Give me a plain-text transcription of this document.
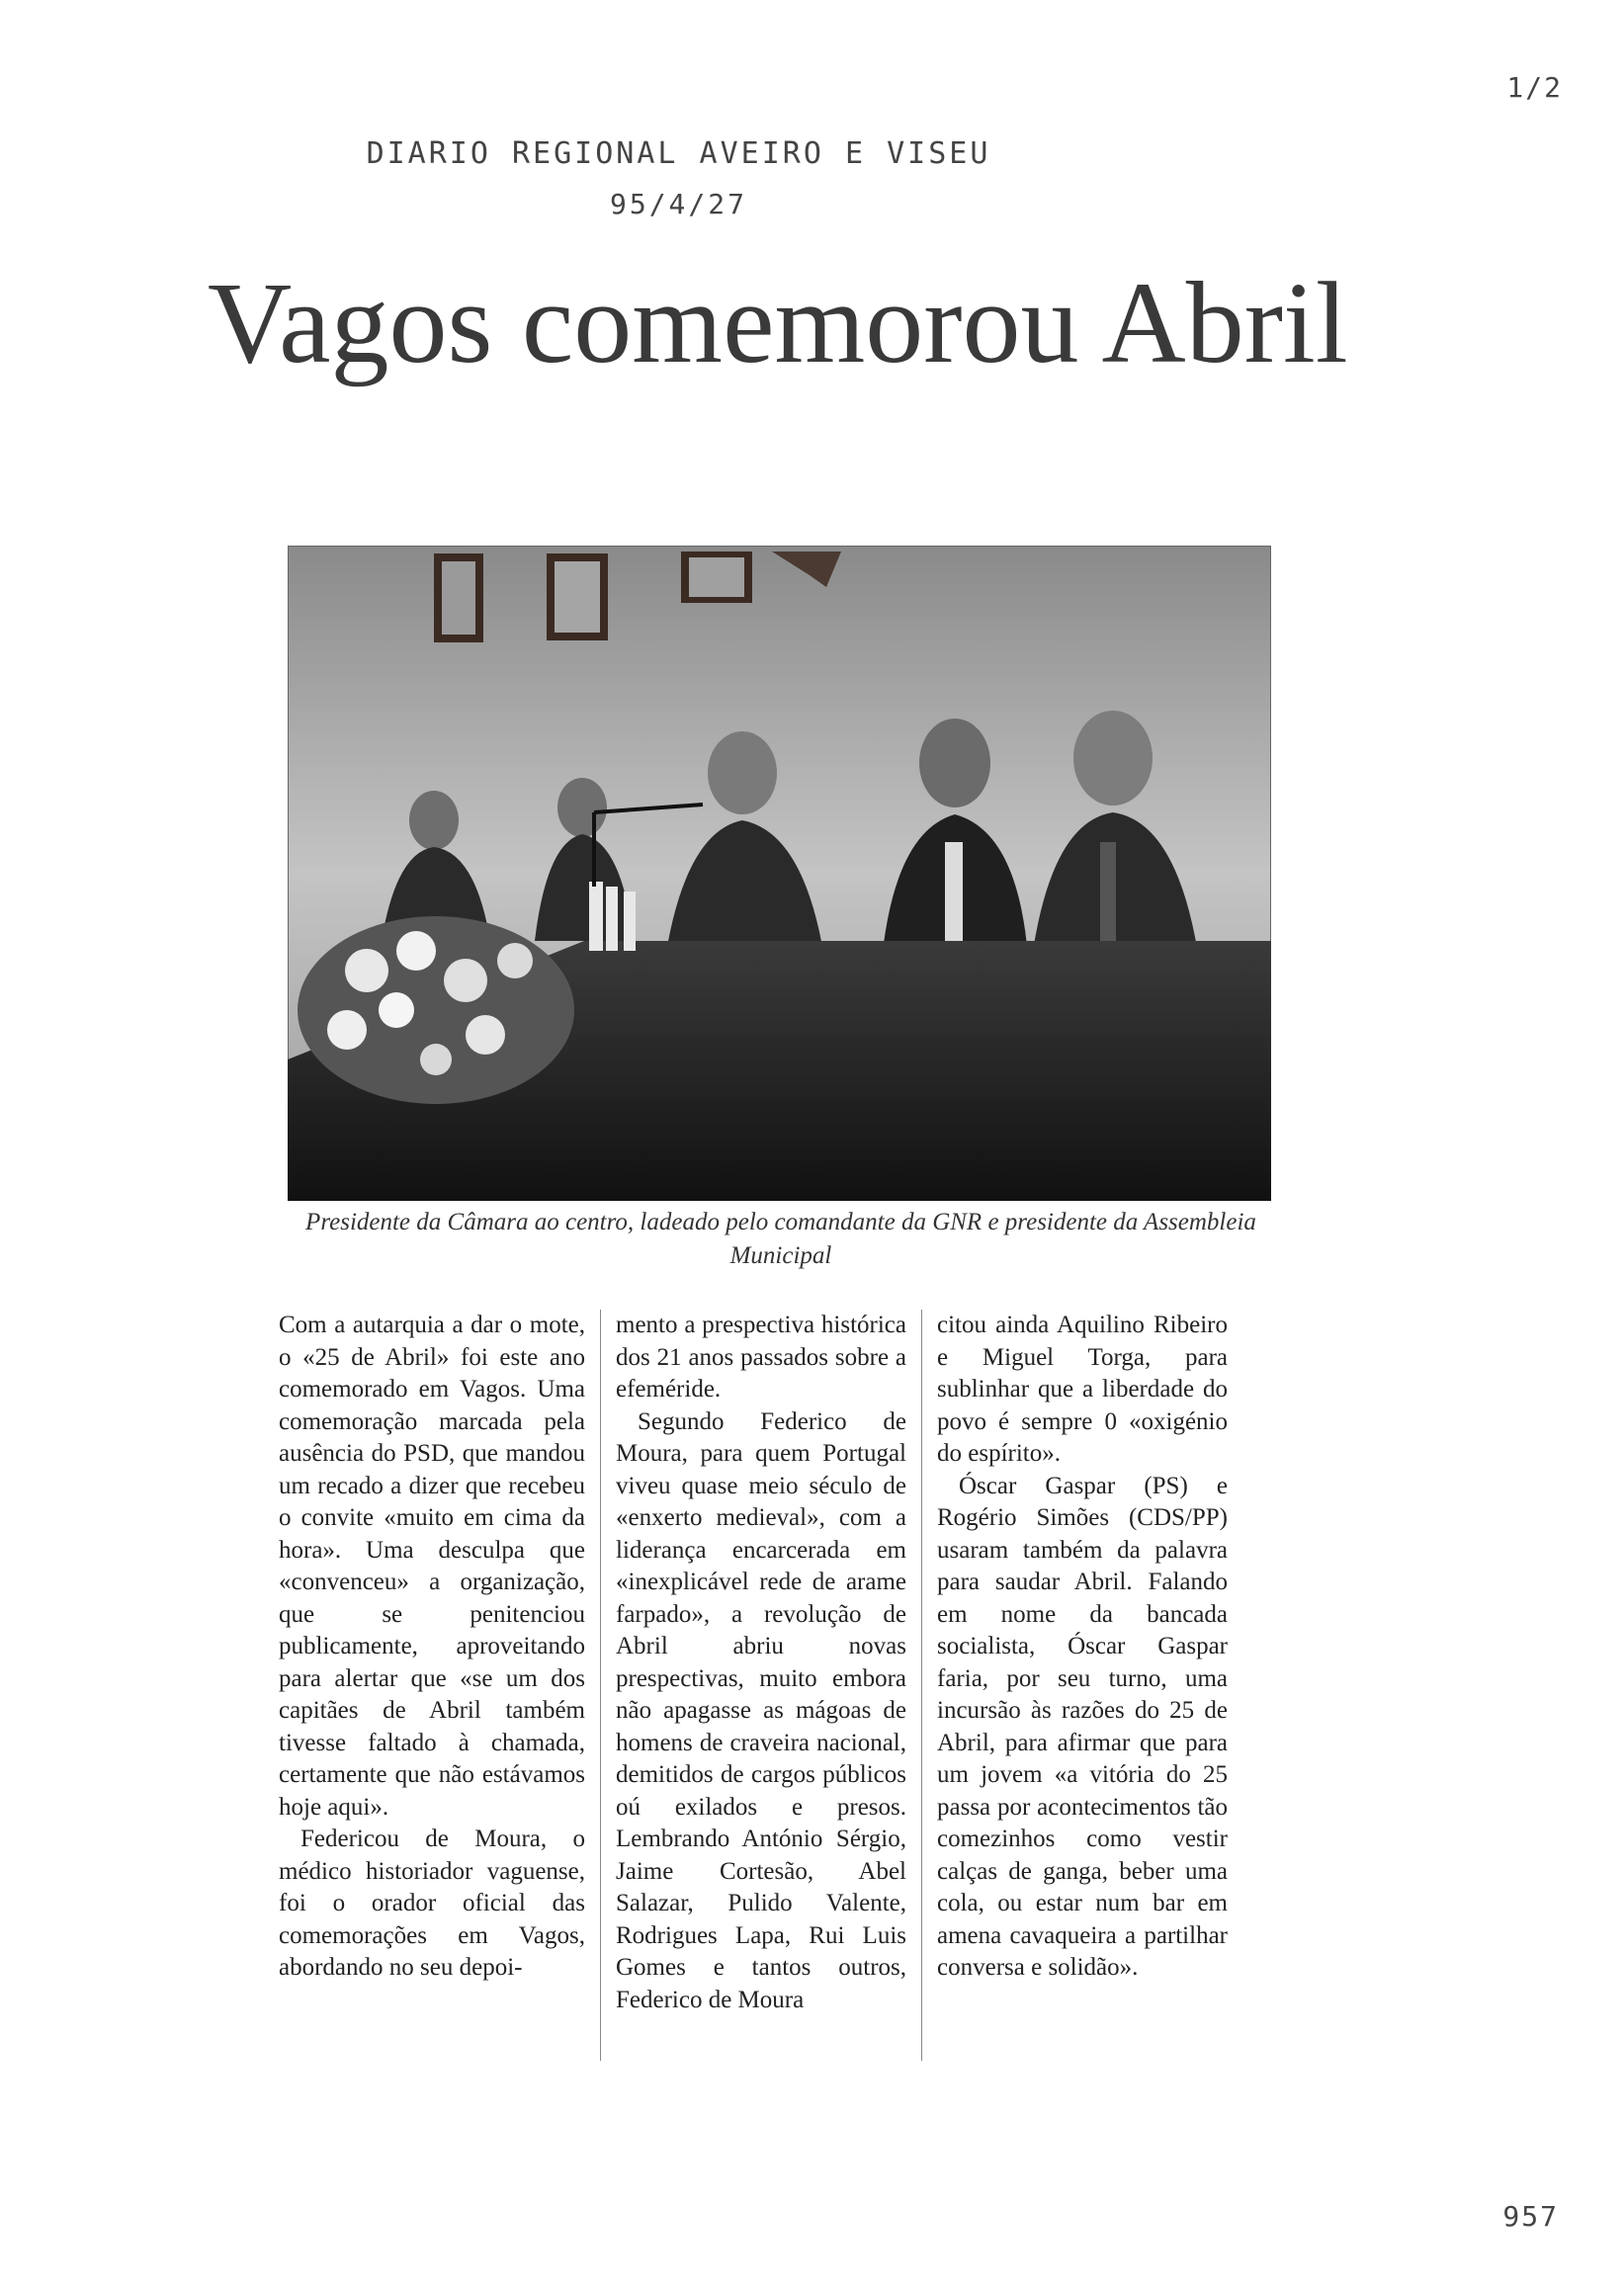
1/2
DIARIO REGIONAL AVEIRO E VISEU
95/4/27
Vagos comemorou Abril
Presidente da Câmara ao centro, ladeado pelo comandante da GNR e presidente da Assembleia Municipal

Com a autarquia a dar o mote, o «25 de Abril» foi este ano comemorado em Vagos. Uma comemoração marcada pela ausência do PSD, que mandou um recado a dizer que recebeu o convite «muito em cima da hora». Uma desculpa que «convenceu» a organização, que se penitenciou publicamente, aproveitando para alertar que «se um dos capitães de Abril também tivesse faltado à chamada, certamente que não estávamos hoje aqui».

Federicou de Moura, o médico historiador vaguense, foi o orador oficial das comemorações em Vagos, abordando no seu depoi-

mento a prespectiva histórica dos 21 anos passados sobre a efeméride.

Segundo Federico de Moura, para quem Portugal viveu quase meio século de «enxerto medieval», com a liderança encarcerada em «inexplicável rede de arame farpado», a revolução de Abril abriu novas prespectivas, muito embora não apagasse as mágoas de homens de craveira nacional, demitidos de cargos públicos oú exilados e presos. Lembrando António Sérgio, Jaime Cortesão, Abel Salazar, Pulido Valente, Rodrigues Lapa, Rui Luis Gomes e tantos outros, Federico de Moura

citou ainda Aquilino Ribeiro e Miguel Torga, para sublinhar que a liberdade do povo é sempre 0 «oxigénio do espírito».

Óscar Gaspar (PS) e Rogério Simões (CDS/PP) usaram também da palavra para saudar Abril. Falando em nome da bancada socialista, Óscar Gaspar faria, por seu turno, uma incursão às razões do 25 de Abril, para afirmar que para um jovem «a vitória do 25 passa por acontecimentos tão comezinhos como vestir calças de ganga, beber uma cola, ou estar num bar em amena cavaqueira a partilhar conversa e solidão».

957
